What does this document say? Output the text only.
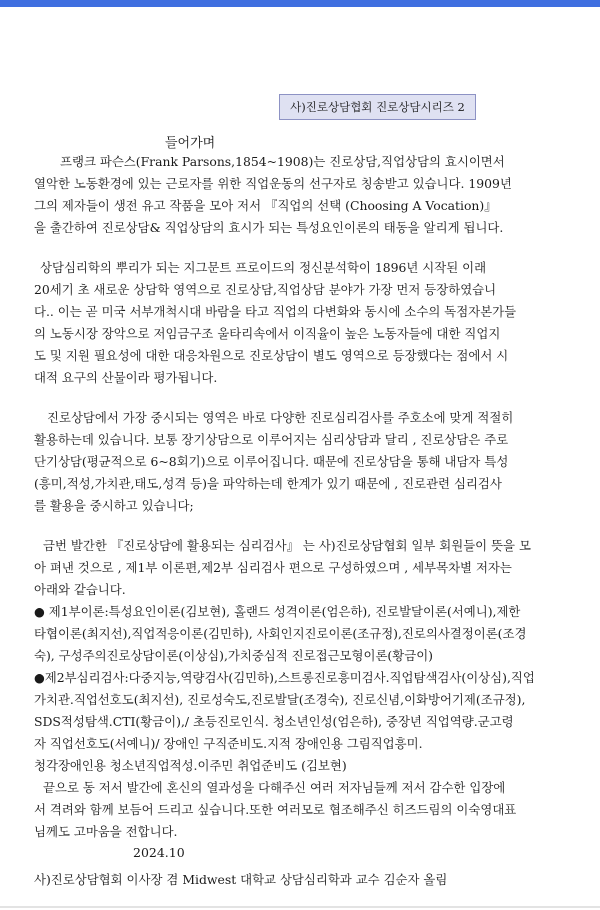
사)진로상담협회 진로상담시리즈 2
들어가며
프랭크 파슨스(Frank Parsons,1854~1908)는 진로상담,직업상담의 효시이면서
열악한 노동환경에 있는 근로자를 위한 직업운동의 선구자로 칭송받고 있습니다. 1909년
그의 제자들이 생전 유고 작품을 모아 저서 『직업의 선택 (Choosing A Vocation)』
을 출간하여 진로상담& 직업상담의 효시가 되는 특성요인이론의 태동을 알리게 됩니다.
상담심리학의 뿌리가 되는 지그문트 프로이드의 정신분석학이 1896년 시작된 이래
20세기 초 새로운 상담학 영역으로 진로상담,직업상담 분야가 가장 먼저 등장하였습니
다.. 이는 곧 미국 서부개척시대 바람을 타고 직업의 다변화와 동시에 소수의 독점자본가들
의 노동시장 장악으로 저임금구조 울타리속에서 이직율이 높은 노동자들에 대한 직업지
도 및 지원 필요성에 대한 대응차원으로 진로상담이 별도 영역으로 등장했다는 점에서 시
대적 요구의 산물이라 평가됩니다.
진로상담에서 가장 중시되는 영역은 바로 다양한 진로심리검사를 주호소에 맞게 적절히
활용하는데 있습니다. 보통 장기상담으로 이루어지는 심리상담과 달리 , 진로상담은 주로
단기상담(평균적으로 6~8회기)으로 이루어집니다. 때문에 진로상담을 통해 내담자 특성
(흥미,적성,가치관,태도,성격 등)을 파악하는데 한계가 있기 때문에 , 진로관련 심리검사
를 활용을 중시하고 있습니다;
금번 발간한 『진로상담에 활용되는 심리검사』 는 사)진로상담협회 일부 회원들이 뜻을 모
아 펴낸 것으로 , 제1부 이론편,제2부 심리검사 편으로 구성하였으며 , 세부목차별 저자는
아래와 같습니다.
● 제1부이론:특성요인이론(김보현), 홀랜드 성격이론(엄은하), 진로발달이론(서예니),제한
타협이론(최지선),직업적응이론(김민하), 사회인지진로이론(조규정),진로의사결정이론(조경
숙), 구성주의진로상담이론(이상심),가치중심적 진로접근모형이론(황금이)
●제2부심리검사:다중지능,역량검사(김민하),스트롱진로흥미검사.직업탐색검사(이상심),직업
가치관.직업선호도(최지선), 진로성숙도,진로발달(조경숙), 진로신념,이화방어기제(조규정),
SDS적성탐색.CTI(황금이),/ 초등진로인식. 청소년인성(엄은하), 중장년 직업역량.군고령
자 직업선호도(서예니)/ 장애인 구직준비도.지적 장애인용 그림직업흥미.
청각장애인용 청소년직업적성.이주민 취업준비도 (김보현)
끝으로 동 저서 발간에 혼신의 열과성을 다해주신 여러 저자님들께 저서 감수한 입장에
서 격려와 함께 보듬어 드리고 싶습니다.또한 여러모로 협조해주신 히즈드림의 이숙영대표
님께도 고마움을 전합니다.
2024.10
사)진로상담협회 이사장 겸 Midwest 대학교 상담심리학과 교수 김순자 올림
